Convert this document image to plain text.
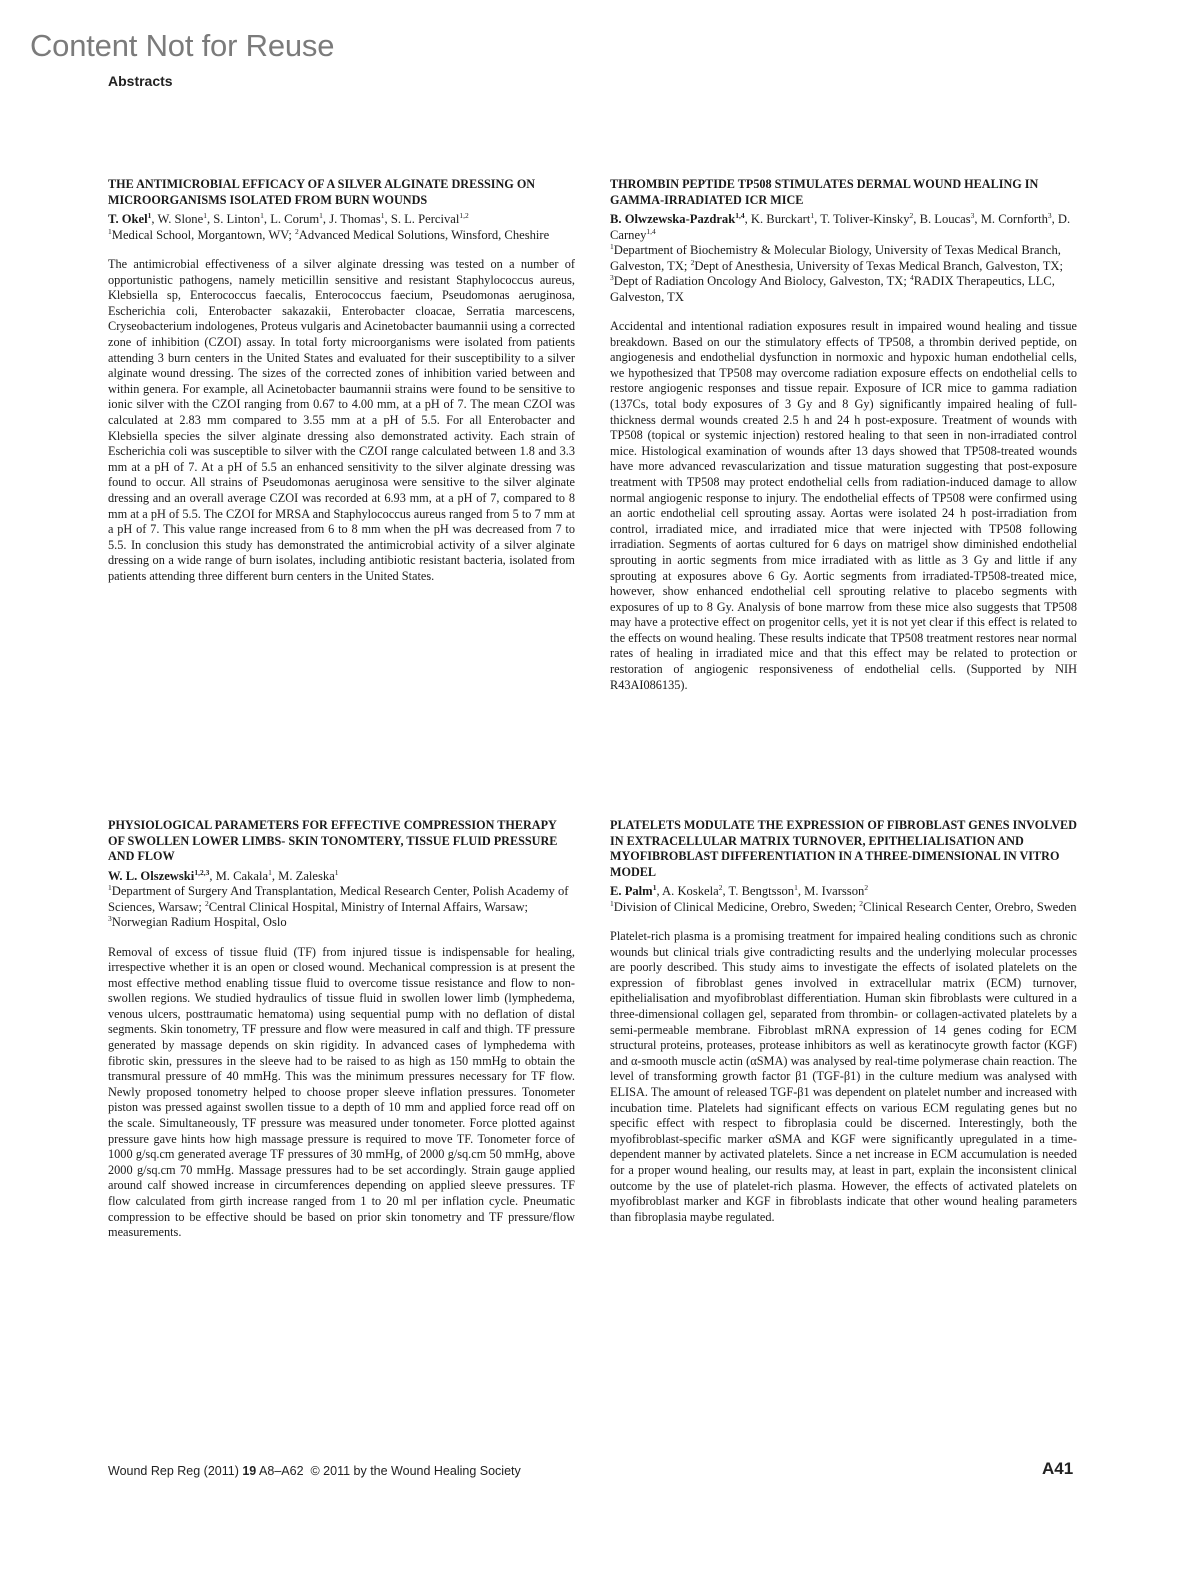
Content Not for Reuse
Abstracts
THE ANTIMICROBIAL EFFICACY OF A SILVER ALGINATE DRESSING ON MICROORGANISMS ISOLATED FROM BURN WOUNDS
T. Okel$^1$, W. Slone$^1$, S. Linton$^1$, L. Corum$^1$, J. Thomas$^1$, S. L. Percival$^{1,2}$
$^1$Medical School, Morgantown, WV; $^2$Advanced Medical Solutions, Winsford, Cheshire

The antimicrobial effectiveness of a silver alginate dressing was tested on a number of opportunistic pathogens, namely meticillin sensitive and resistant Staphylococcus aureus, Klebsiella sp, Enterococcus faecalis, Enterococcus faecium, Pseudomonas aeruginosa, Escherichia coli, Enterobacter sakazakii, Enterobacter cloacae, Serratia marcescens, Cryseobacterium indologenes, Proteus vulgaris and Acinetobacter baumannii using a corrected zone of inhibition (CZOI) assay. In total forty microorganisms were isolated from patients attending 3 burn centers in the United States and evaluated for their susceptibility to a silver alginate wound dressing. The sizes of the corrected zones of inhibition varied between and within genera. For example, all Acinetobacter baumannii strains were found to be sensitive to ionic silver with the CZOI ranging from 0.67 to 4.00 mm, at a pH of 7. The mean CZOI was calculated at 2.83 mm compared to 3.55 mm at a pH of 5.5. For all Enterobacter and Klebsiella species the silver alginate dressing also demonstrated activity. Each strain of Escherichia coli was susceptible to silver with the CZOI range calculated between 1.8 and 3.3 mm at a pH of 7. At a pH of 5.5 an enhanced sensitivity to the silver alginate dressing was found to occur. All strains of Pseudomonas aeruginosa were sensitive to the silver alginate dressing and an overall average CZOI was recorded at 6.93 mm, at a pH of 7, compared to 8 mm at a pH of 5.5. The CZOI for MRSA and Staphylococcus aureus ranged from 5 to 7 mm at a pH of 7. This value range increased from 6 to 8 mm when the pH was decreased from 7 to 5.5. In conclusion this study has demonstrated the antimicrobial activity of a silver alginate dressing on a wide range of burn isolates, including antibiotic resistant bacteria, isolated from patients attending three different burn centers in the United States.

THROMBIN PEPTIDE TP508 STIMULATES DERMAL WOUND HEALING IN GAMMA-IRRADIATED ICR MICE
B. Olwzewska-Pazdrak$^{1,4}$, K. Burckart$^1$, T. Toliver-Kinsky$^2$, B. Loucas$^3$, M. Cornforth$^3$, D. Carney$^{1,4}$
$^1$Department of Biochemistry & Molecular Biology, University of Texas Medical Branch, Galveston, TX; $^2$Dept of Anesthesia, University of Texas Medical Branch, Galveston, TX; $^3$Dept of Radiation Oncology And Biolocy, Galveston, TX; $^4$RADIX Therapeutics, LLC, Galveston, TX

Accidental and intentional radiation exposures result in impaired wound healing and tissue breakdown. Based on our the stimulatory effects of TP508, a thrombin derived peptide, on angiogenesis and endothelial dysfunction in normoxic and hypoxic human endothelial cells, we hypothesized that TP508 may overcome radiation exposure effects on endothelial cells to restore angiogenic responses and tissue repair. Exposure of ICR mice to gamma radiation (137Cs, total body exposures of 3 Gy and 8 Gy) significantly impaired healing of full-thickness dermal wounds created 2.5 h and 24 h post-exposure. Treatment of wounds with TP508 (topical or systemic injection) restored healing to that seen in non-irradiated control mice. Histological examination of wounds after 13 days showed that TP508-treated wounds have more advanced revascularization and tissue maturation suggesting that post-exposure treatment with TP508 may protect endothelial cells from radiation-induced damage to allow normal angiogenic response to injury. The endothelial effects of TP508 were confirmed using an aortic endothelial cell sprouting assay. Aortas were isolated 24 h post-irradiation from control, irradiated mice, and irradiated mice that were injected with TP508 following irradiation. Segments of aortas cultured for 6 days on matrigel show diminished endothelial sprouting in aortic segments from mice irradiated with as little as 3 Gy and little if any sprouting at exposures above 6 Gy. Aortic segments from irradiated-TP508-treated mice, however, show enhanced endothelial cell sprouting relative to placebo segments with exposures of up to 8 Gy. Analysis of bone marrow from these mice also suggests that TP508 may have a protective effect on progenitor cells, yet it is not yet clear if this effect is related to the effects on wound healing. These results indicate that TP508 treatment restores near normal rates of healing in irradiated mice and that this effect may be related to protection or restoration of angiogenic responsiveness of endothelial cells. (Supported by NIH R43AI086135).

PHYSIOLOGICAL PARAMETERS FOR EFFECTIVE COMPRESSION THERAPY OF SWOLLEN LOWER LIMBS- SKIN TONOMTERY, TISSUE FLUID PRESSURE AND FLOW
W. L. Olszewski$^{1,2,3}$, M. Cakala$^1$, M. Zaleska$^1$
$^1$Department of Surgery And Transplantation, Medical Research Center, Polish Academy of Sciences, Warsaw; $^2$Central Clinical Hospital, Ministry of Internal Affairs, Warsaw; $^3$Norwegian Radium Hospital, Oslo

Removal of excess of tissue fluid (TF) from injured tissue is indispensable for healing, irrespective whether it is an open or closed wound. Mechanical compression is at present the most effective method enabling tissue fluid to overcome tissue resistance and flow to non-swollen regions. We studied hydraulics of tissue fluid in swollen lower limb (lymphedema, venous ulcers, posttraumatic hematoma) using sequential pump with no deflation of distal segments. Skin tonometry, TF pressure and flow were measured in calf and thigh. TF pressure generated by massage depends on skin rigidity. In advanced cases of lymphedema with fibrotic skin, pressures in the sleeve had to be raised to as high as 150 mmHg to obtain the transmural pressure of 40 mmHg. This was the minimum pressures necessary for TF flow. Newly proposed tonometry helped to choose proper sleeve inflation pressures. Tonometer piston was pressed against swollen tissue to a depth of 10 mm and applied force read off on the scale. Simultaneously, TF pressure was measured under tonometer. Force plotted against pressure gave hints how high massage pressure is required to move TF. Tonometer force of 1000 g/sq.cm generated average TF pressures of 30 mmHg, of 2000 g/sq.cm 50 mmHg, above 2000 g/sq.cm 70 mmHg. Massage pressures had to be set accordingly. Strain gauge applied around calf showed increase in circumferences depending on applied sleeve pressures. TF flow calculated from girth increase ranged from 1 to 20 ml per inflation cycle. Pneumatic compression to be effective should be based on prior skin tonometry and TF pressure/flow measurements.

PLATELETS MODULATE THE EXPRESSION OF FIBROBLAST GENES INVOLVED IN EXTRACELLULAR MATRIX TURNOVER, EPITHELIALISATION AND MYOFIBROBLAST DIFFERENTIATION IN A THREE-DIMENSIONAL IN VITRO MODEL
E. Palm$^1$, A. Koskela$^2$, T. Bengtsson$^1$, M. Ivarsson$^2$
$^1$Division of Clinical Medicine, Orebro, Sweden; $^2$Clinical Research Center, Orebro, Sweden

Platelet-rich plasma is a promising treatment for impaired healing conditions such as chronic wounds but clinical trials give contradicting results and the underlying molecular processes are poorly described. This study aims to investigate the effects of isolated platelets on the expression of fibroblast genes involved in extracellular matrix (ECM) turnover, epithelialisation and myofibroblast differentiation. Human skin fibroblasts were cultured in a three-dimensional collagen gel, separated from thrombin- or collagen-activated platelets by a semi-permeable membrane. Fibroblast mRNA expression of 14 genes coding for ECM structural proteins, proteases, protease inhibitors as well as keratinocyte growth factor (KGF) and α-smooth muscle actin (αSMA) was analysed by real-time polymerase chain reaction. The level of transforming growth factor β1 (TGF-β1) in the culture medium was analysed with ELISA. The amount of released TGF-β1 was dependent on platelet number and increased with incubation time. Platelets had significant effects on various ECM regulating genes but no specific effect with respect to fibroplasia could be discerned. Interestingly, both the myofibroblast-specific marker αSMA and KGF were significantly upregulated in a time-dependent manner by activated platelets. Since a net increase in ECM accumulation is needed for a proper wound healing, our results may, at least in part, explain the inconsistent clinical outcome by the use of platelet-rich plasma. However, the effects of activated platelets on myofibroblast marker and KGF in fibroblasts indicate that other wound healing parameters than fibroplasia maybe regulated.

Wound Rep Reg (2011) 19 A8–A62  © 2011 by the Wound Healing Society	A41
